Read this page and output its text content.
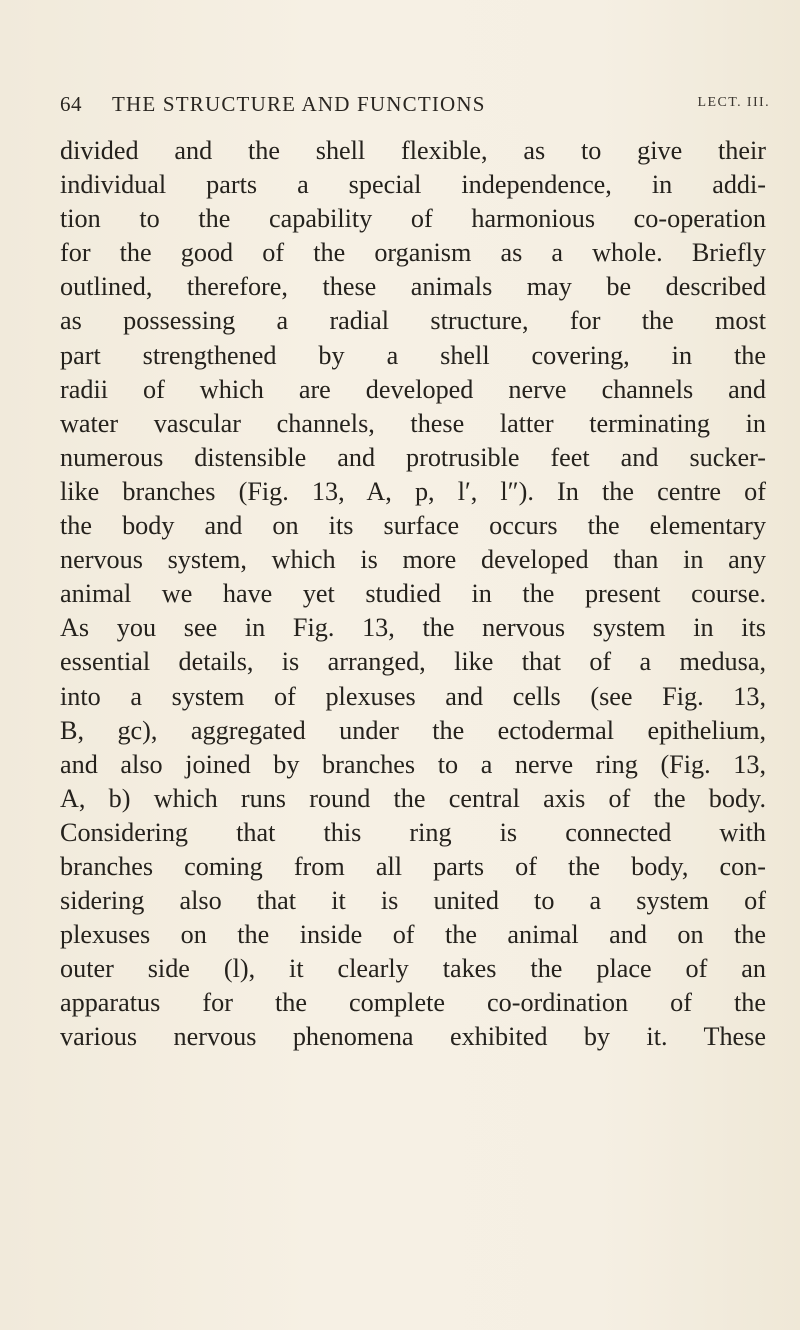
64 THE STRUCTURE AND FUNCTIONS	LECT. III.
divided and the shell flexible, as to give their
individual parts a special independence, in addi-
tion to the capability of harmonious co-operation
for the good of the organism as a whole. Briefly
outlined, therefore, these animals may be described
as possessing a radial structure, for the most
part strengthened by a shell covering, in the
radii of which are developed nerve channels and
water vascular channels, these latter terminating in
numerous distensible and protrusible feet and sucker-
like branches (Fig. 13, A, p, l′, l″). In the centre of
the body and on its surface occurs the elementary
nervous system, which is more developed than in any
animal we have yet studied in the present course.
As you see in Fig. 13, the nervous system in its
essential details, is arranged, like that of a medusa,
into a system of plexuses and cells (see Fig. 13,
B, gc), aggregated under the ectodermal epithelium,
and also joined by branches to a nerve ring (Fig. 13,
A, b) which runs round the central axis of the body.
Considering that this ring is connected with
branches coming from all parts of the body, con-
sidering also that it is united to a system of
plexuses on the inside of the animal and on the
outer side (l), it clearly takes the place of an
apparatus for the complete co-ordination of the
various nervous phenomena exhibited by it. These
